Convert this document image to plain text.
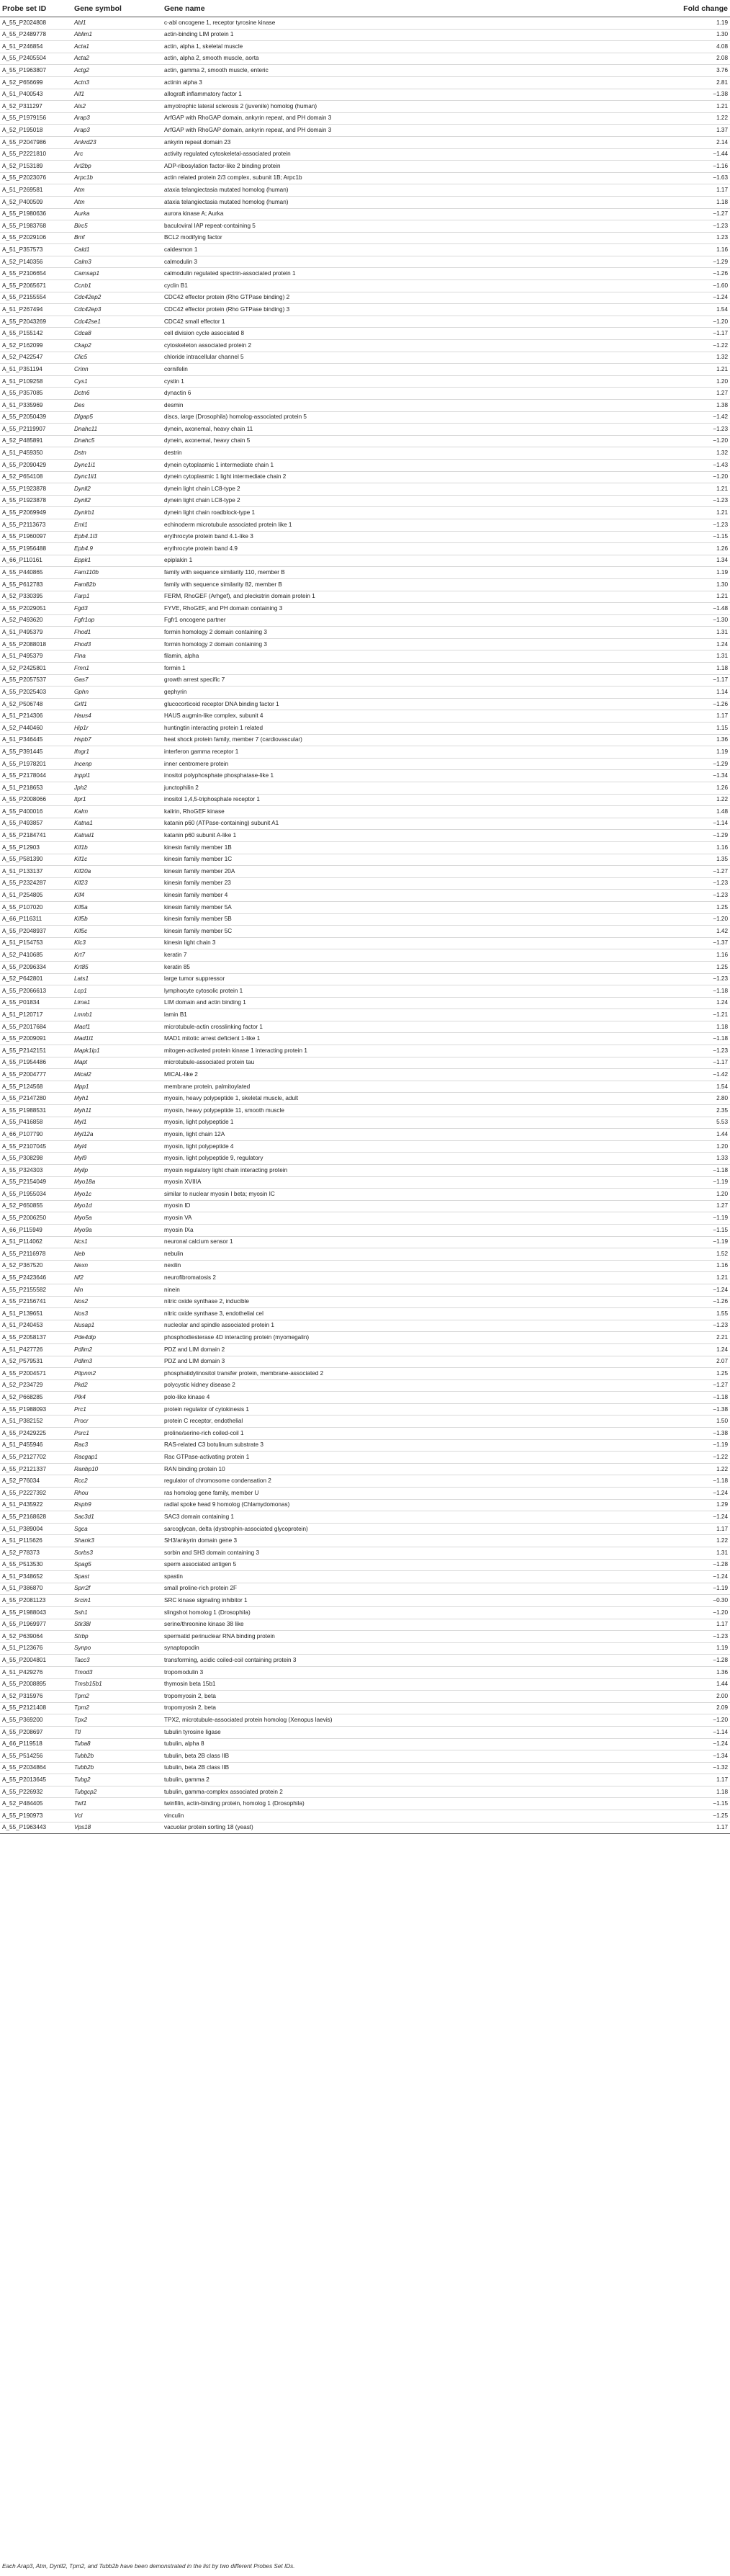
Probe set ID	Gene symbol	Gene name	Fold change
A_55_P2024808	Abl1	c-abl oncogene 1, receptor tyrosine kinase	1.19
A_55_P2489778	Ablim1	actin-binding LIM protein 1	1.30
A_51_P246854	Acta1	actin, alpha 1, skeletal muscle	4.08
A_55_P2405504	Acta2	actin, alpha 2, smooth muscle, aorta	2.08
A_55_P1963807	Actg2	actin, gamma 2, smooth muscle, enteric	3.76
A_52_P656699	Actn3	actinin alpha 3	2.81
A_51_P400543	Aif1	allograft inflammatory factor 1	−1.38
A_52_P311297	Als2	amyotrophic lateral sclerosis 2 (juvenile) homolog (human)	1.21
A_55_P1979156	Arap3	ArfGAP with RhoGAP domain, ankyrin repeat, and PH domain 3	1.22
A_52_P195018	Arap3	ArfGAP with RhoGAP domain, ankyrin repeat, and PH domain 3	1.37
A_55_P2047986	Ankrd23	ankyrin repeat domain 23	2.14
A_55_P2221810	Arc	activity regulated cytoskeletal-associated protein	−1.44
A_52_P153189	Arl2bp	ADP-ribosylation factor-like 2 binding protein	−1.16
A_55_P2023076	Arpc1b	actin related protein 2/3 complex, subunit 1B; Arpc1b	−1.63
A_51_P269581	Atm	ataxia telangiectasia mutated homolog (human)	1.17
A_52_P400509	Atm	ataxia telangiectasia mutated homolog (human)	1.18
A_55_P1980636	Aurka	aurora kinase A; Aurka	−1.27
A_55_P1983768	Birc5	baculoviral IAP repeat-containing 5	−1.23
A_55_P2029106	Bmf	BCL2 modifying factor	1.23
A_51_P357573	Cald1	caldesmon 1	1.16
A_52_P140356	Calm3	calmodulin 3	−1.29
A_55_P2106654	Camsap1	calmodulin regulated spectrin-associated protein 1	−1.26
A_55_P2065671	Ccnb1	cyclin B1	−1.60
A_55_P2155554	Cdc42ep2	CDC42 effector protein (Rho GTPase binding) 2	−1.24
A_51_P267494	Cdc42ep3	CDC42 effector protein (Rho GTPase binding) 3	1.54
A_55_P2043269	Cdc42se1	CDC42 small effector 1	−1.20
A_55_P155142	Cdca8	cell division cycle associated 8	−1.17
A_52_P162099	Ckap2	cytoskeleton associated protein 2	−1.22
A_52_P422547	Clic5	chloride intracellular channel 5	1.32
A_51_P351194	Crinn	cornifelin	1.21
A_51_P109258	Cys1	cystin 1	1.20
A_55_P357085	Dctn6	dynactin 6	1.27
A_51_P335969	Des	desmin	1.38
A_55_P2050439	Dlgap5	discs, large (Drosophila) homolog-associated protein 5	−1.42
A_55_P2119907	Dnahc11	dynein, axonemal, heavy chain 11	−1.23
A_52_P485891	Dnahc5	dynein, axonemal, heavy chain 5	−1.20
A_51_P459350	Dstn	destrin	1.32
A_55_P2090429	Dync1i1	dynein cytoplasmic 1 intermediate chain 1	−1.43
A_52_P654108	Dync1li1	dynein cytoplasmic 1 light intermediate chain 2	−1.20
A_55_P1923878	Dynll2	dynein light chain LC8-type 2	1.21
A_55_P1923878	Dynll2	dynein light chain LC8-type 2	−1.23
A_55_P2069949	Dynlrb1	dynein light chain roadblock-type 1	1.21
A_55_P2113673	Eml1	echinoderm microtubule associated protein like 1	−1.23
A_55_P1960097	Epb4.1l3	erythrocyte protein band 4.1-like 3	−1.15
A_55_P1956488	Epb4.9	erythrocyte protein band 4.9	1.26
A_66_P110161	Eppk1	epiplakin 1	1.34
A_55_P440865	Fam110b	family with sequence similarity 110, member B	1.19
A_55_P612783	Fam82b	family with sequence similarity 82, member B	1.30
A_52_P330395	Farp1	FERM, RhoGEF (Arhgef), and pleckstrin domain protein 1	1.21
A_55_P2029051	Fgd3	FYVE, RhoGEF, and PH domain containing 3	−1.48
A_52_P493620	Fgfr1op	Fgfr1 oncogene partner	−1.30
A_51_P495379	Fhod1	formin homology 2 domain containing 3	1.31
A_55_P2088018	Fhod3	formin homology 2 domain containing 3	1.24
A_51_P495379	Flna	filamin, alpha	1.31
A_52_P2425801	Fmn1	formin 1	1.18
A_55_P2057537	Gas7	growth arrest specific 7	−1.17
A_55_P2025403	Gphn	gephyrin	1.14
A_52_P506748	Grlf1	glucocorticoid receptor DNA binding factor 1	−1.26
A_51_P214306	Haus4	HAUS augmin-like complex, subunit 4	1.17
A_52_P440460	Hip1r	huntingtin interacting protein 1 related	1.15
A_51_P346445	Hspb7	heat shock protein family, member 7 (cardiovascular)	1.36
A_55_P391445	Ifngr1	interferon gamma receptor 1	1.19
A_55_P1978201	Incenp	inner centromere protein	−1.29
A_55_P2178044	Inppl1	inositol polyphosphate phosphatase-like 1	−1.34
A_51_P218653	Jph2	junctophilin 2	1.26
A_55_P2008066	Itpr1	inositol 1,4,5-triphosphate receptor 1	1.22
A_55_P400016	Kalrn	kalirin, RhoGEF kinase	1.48
A_55_P493857	Katna1	katanin p60 (ATPase-containing) subunit A1	−1.14
A_55_P2184741	Katnal1	katanin p60 subunit A-like 1	−1.29
A_55_P12903	Kif1b	kinesin family member 1B	1.16
A_55_P581390	Kif1c	kinesin family member 1C	1.35
A_51_P133137	Kif20a	kinesin family member 20A	−1.27
A_55_P2324287	Kif23	kinesin family member 23	−1.23
A_51_P254805	Kif4	kinesin family member 4	−1.23
A_55_P107020	Kif5a	kinesin family member 5A	1.25
A_66_P116311	Kif5b	kinesin family member 5B	−1.20
A_55_P2048937	Kif5c	kinesin family member 5C	1.42
A_51_P154753	Klc3	kinesin light chain 3	−1.37
A_52_P410685	Krt7	keratin 7	1.16
A_55_P2096334	Krt85	keratin 85	1.25
A_52_P642801	Lats1	large tumor suppressor	−1.23
A_55_P2066613	Lcp1	lymphocyte cytosolic protein 1	−1.18
A_55_P01834	Lima1	LIM domain and actin binding 1	1.24
A_51_P120717	Lmnb1	lamin B1	−1.21
A_55_P2017684	Macf1	microtubule-actin crosslinking factor 1	1.18
A_55_P2009091	Mad1l1	MAD1 mitotic arrest deficient 1-like 1	−1.18
A_55_P2142151	Mapk1ip1	mitogen-activated protein kinase 1 interacting protein 1	−1.23
A_55_P1954486	Mapt	microtubule-associated protein tau	−1.17
A_55_P2004777	Mical2	MICAL-like 2	−1.42
A_55_P124568	Mpp1	membrane protein, palmitoylated	1.54
A_55_P2147280	Myh1	myosin, heavy polypeptide 1, skeletal muscle, adult	2.80
A_55_P1988531	Myh11	myosin, heavy polypeptide 11, smooth muscle	2.35
A_55_P416858	Myl1	myosin, light polypeptide 1	5.53
A_66_P107790	Myl12a	myosin, light chain 12A	1.44
A_55_P2107045	Myl4	myosin, light polypeptide 4	1.20
A_55_P308298	Myl9	myosin, light polypeptide 9, regulatory	1.33
A_55_P324303	Mylip	myosin regulatory light chain interacting protein	−1.18
A_55_P2154049	Myo18a	myosin XVIIIA	−1.19
A_55_P1955034	Myo1c	similar to nuclear myosin I beta; myosin IC	1.20
A_52_P650855	Myo1d	myosin ID	1.27
A_55_P2006250	Myo5a	myosin VA	−1.19
A_66_P115949	Myo9a	myosin IXa	−1.15
A_51_P114062	Ncs1	neuronal calcium sensor 1	−1.19
A_55_P2116978	Neb	nebulin	1.52
A_52_P367520	Nexn	nexilin	1.16
A_55_P2423646	Nf2	neurofibromatosis 2	1.21
A_55_P2155582	Nin	ninein	−1.24
A_55_P2156741	Nos2	nitric oxide synthase 2, inducible	−1.26
A_51_P139651	Nos3	nitric oxide synthase 3, endothelial cel	1.55
A_51_P240453	Nusap1	nucleolar and spindle associated protein 1	−1.23
A_55_P2058137	Pde4dip	phosphodiesterase 4D interacting protein (myomegalin)	2.21
A_51_P427726	Pdlim2	PDZ and LIM domain 2	1.24
A_52_P579531	Pdlim3	PDZ and LIM domain 3	2.07
A_55_P2004571	Pitpnm2	phosphatidylinositol transfer protein, membrane-associated 2	1.25
A_52_P234729	Pkd2	polycystic kidney disease 2	−1.27
A_52_P668285	Plk4	polo-like kinase 4	−1.18
A_55_P1988093	Prc1	protein regulator of cytokinesis 1	−1.38
A_51_P382152	Procr	protein C receptor, endothelial	1.50
A_55_P2429225	Psrc1	proline/serine-rich coiled-coil 1	−1.38
A_51_P455946	Rac3	RAS-related C3 botulinum substrate 3	−1.19
A_55_P2127702	Racgap1	Rac GTPase-activating protein 1	−1.22
A_55_P2121337	Ranbp10	RAN binding protein 10	1.22
A_52_P76034	Rcc2	regulator of chromosome condensation 2	−1.18
A_55_P2227392	Rhou	ras homolog gene family, member U	−1.24
A_51_P435922	Rsph9	radial spoke head 9 homolog (Chlamydomonas)	1.29
A_55_P2168628	Sac3d1	SAC3 domain containing 1	−1.24
A_51_P389004	Sgca	sarcoglycan, delta (dystrophin-associated glycoprotein)	1.17
A_51_P115626	Shank3	SH3/ankyrin domain gene 3	1.22
A_52_P78373	Sorbs3	sorbin and SH3 domain containing 3	1.31
A_55_P513530	Spag5	sperm associated antigen 5	−1.28
A_51_P348652	Spast	spastin	−1.24
A_51_P386870	Sprr2f	small proline-rich protein 2F	−1.19
A_55_P2081123	Srcin1	SRC kinase signaling inhibitor 1	−0.30
A_55_P1988043	Ssh1	slingshot homolog 1 (Drosophila)	−1.20
A_55_P1969977	Stk38l	serine/threonine kinase 38 like	1.17
A_52_P639064	Strbp	spermatid perinuclear RNA binding protein	−1.23
A_51_P123676	Synpo	synaptopodin	1.19
A_55_P2004801	Tacc3	transforming, acidic coiled-coil containing protein 3	−1.28
A_51_P429276	Tmod3	tropomodulin 3	1.36
A_55_P2008895	Tmsb15b1	thymosin beta 15b1	1.44
A_52_P315976	Tpm2	tropomyosin 2, beta	2.00
A_55_P2121408	Tpm2	tropomyosin 2, beta	2.09
A_55_P369200	Tpx2	TPX2, microtubule-associated protein homolog (Xenopus laevis)	−1.20
A_55_P208697	Ttl	tubulin tyrosine ligase	−1.14
A_66_P119518	Tuba8	tubulin, alpha 8	−1.24
A_55_P514256	Tubb2b	tubulin, beta 2B class IIB	−1.34
A_55_P2034864	Tubb2b	tubulin, beta 2B class IIB	−1.32
A_55_P2013645	Tubg2	tubulin, gamma 2	1.17
A_55_P226932	Tubgcp2	tubulin, gamma-complex associated protein 2	1.18
A_52_P484405	Twf1	twinfilin, actin-binding protein, homolog 1 (Drosophila)	−1.15
A_55_P190973	Vcl	vinculin	−1.25
A_55_P1963443	Vps18	vacuolar protein sorting 18 (yeast)	1.17
Each Arap3, Atm, Dynll2, Tpm2, and Tubb2b have been demonstrated in the list by two different Probes Set IDs.
